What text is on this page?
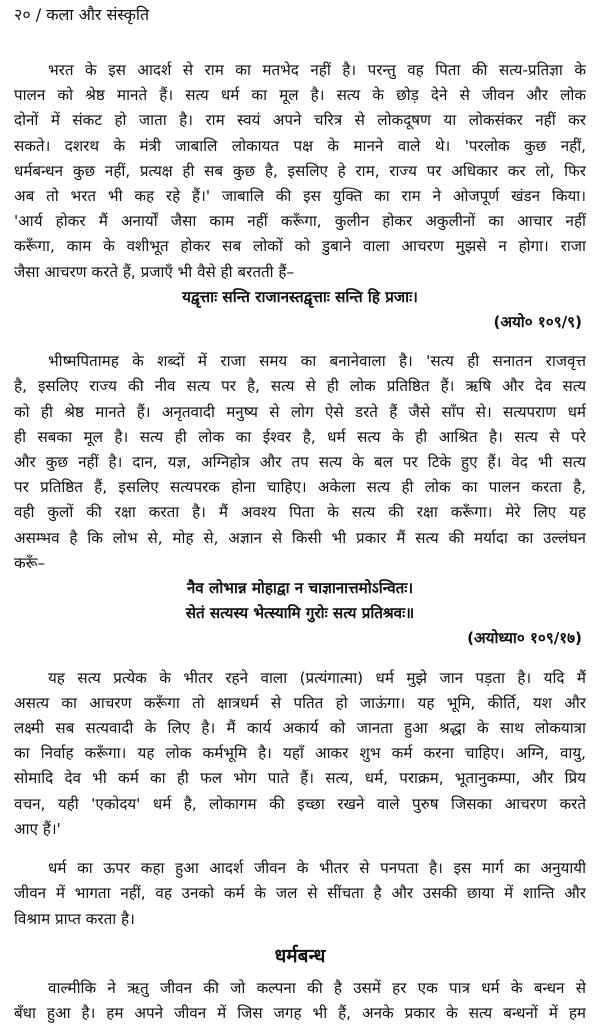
२० / कला और संस्कृति
भरत के इस आदर्श से राम का मतभेद नहीं है। परन्तु वह पिता की सत्य-प्रतिज्ञा के
पालन को श्रेष्ठ मानते हैं। सत्य धर्म का मूल है। सत्य के छोड़ देने से जीवन और लोक
दोनों में संकट हो जाता है। राम स्वयं अपने चरित्र से लोकदूषण या लोकसंकर नहीं कर
सकते। दशरथ के मंत्री जाबालि लोकायत पक्ष के मानने वाले थे। 'परलोक कुछ नहीं,
धर्मबन्धन कुछ नहीं, प्रत्यक्ष ही सब कुछ है, इसलिए हे राम, राज्य पर अधिकार कर लो, फिर
अब तो भरत भी कह रहे हैं।' जाबालि की इस युक्ति का राम ने ओजपूर्ण खंडन किया।
'आर्य होकर मैं अनार्यों जैसा काम नहीं करूँगा, कुलीन होकर अकुलीनों का आचार नहीं
करूँगा, काम के वशीभूत होकर सब लोकों को डुबाने वाला आचरण मुझसे न होगा। राजा
जैसा आचरण करते हैं, प्रजाएँ भी वैसे ही बरतती हैं–
यद्वृत्ताः सन्ति राजानस्तद्वृत्ताः सन्ति हि प्रजाः।
(अयो० १०९/९)
भीष्मपितामह के शब्दों में राजा समय का बनानेवाला है। 'सत्य ही सनातन राजवृत्त
है, इसलिए राज्य की नीव सत्य पर है, सत्य से ही लोक प्रतिष्ठित हैं। ऋषि और देव सत्य
को ही श्रेष्ठ मानते हैं। अनृतवादी मनुष्य से लोग ऐसे डरते हैं जैसे साँप से। सत्यपराण धर्म
ही सबका मूल है। सत्य ही लोक का ईश्वर है, धर्म सत्य के ही आश्रित है। सत्य से परे
और कुछ नहीं है। दान, यज्ञ, अग्निहोत्र और तप सत्य के बल पर टिके हुए हैं। वेद भी सत्य
पर प्रतिष्ठित हैं, इसलिए सत्यपरक होना चाहिए। अकेला सत्य ही लोक का पालन करता है,
वही कुलों की रक्षा करता है। मैं अवश्य पिता के सत्य की रक्षा करूँगा। मेरे लिए यह
असम्भव है कि लोभ से, मोह से, अज्ञान से किसी भी प्रकार मैं सत्य की मर्यादा का उल्लंघन
करूँ–
नैव लोभान्न मोहाद्वा न चाज्ञानात्तमोऽन्वितः।
सेतं सत्यस्य भेत्स्यामि गुरोः सत्य प्रतिश्रवः॥
(अयोध्या० १०९/१७)
यह सत्य प्रत्येक के भीतर रहने वाला (प्रत्यंगात्मा) धर्म मुझे जान पड़ता है। यदि मैं
असत्य का आचरण करूँगा तो क्षात्रधर्म से पतित हो जाऊंगा। यह भूमि, कीर्ति, यश और
लक्ष्मी सब सत्यवादी के लिए है। मैं कार्य अकार्य को जानता हुआ श्रद्धा के साथ लोकयात्रा
का निर्वाह करूँगा। यह लोक कर्मभूमि है। यहाँ आकर शुभ कर्म करना चाहिए। अग्नि, वायु,
सोमादि देव भी कर्म का ही फल भोग पाते हैं। सत्य, धर्म, पराक्रम, भूतानुकम्पा, और प्रिय
वचन, यही 'एकोदय' धर्म है, लोकागम की इच्छा रखने वाले पुरुष जिसका आचरण करते
आए हैं।'
धर्म का ऊपर कहा हुआ आदर्श जीवन के भीतर से पनपता है। इस मार्ग का अनुयायी
जीवन में भागता नहीं, वह उनको कर्म के जल से सींचता है और उसकी छाया में शान्ति और
विश्राम प्राप्त करता है।
धर्मबन्ध
वाल्मीकि ने ऋतु जीवन की जो कल्पना की है उसमें हर एक पात्र धर्म के बन्धन से
बँधा हुआ है। हम अपने जीवन में जिस जगह भी हैं, अनके प्रकार के सत्य बन्धनों में हम
